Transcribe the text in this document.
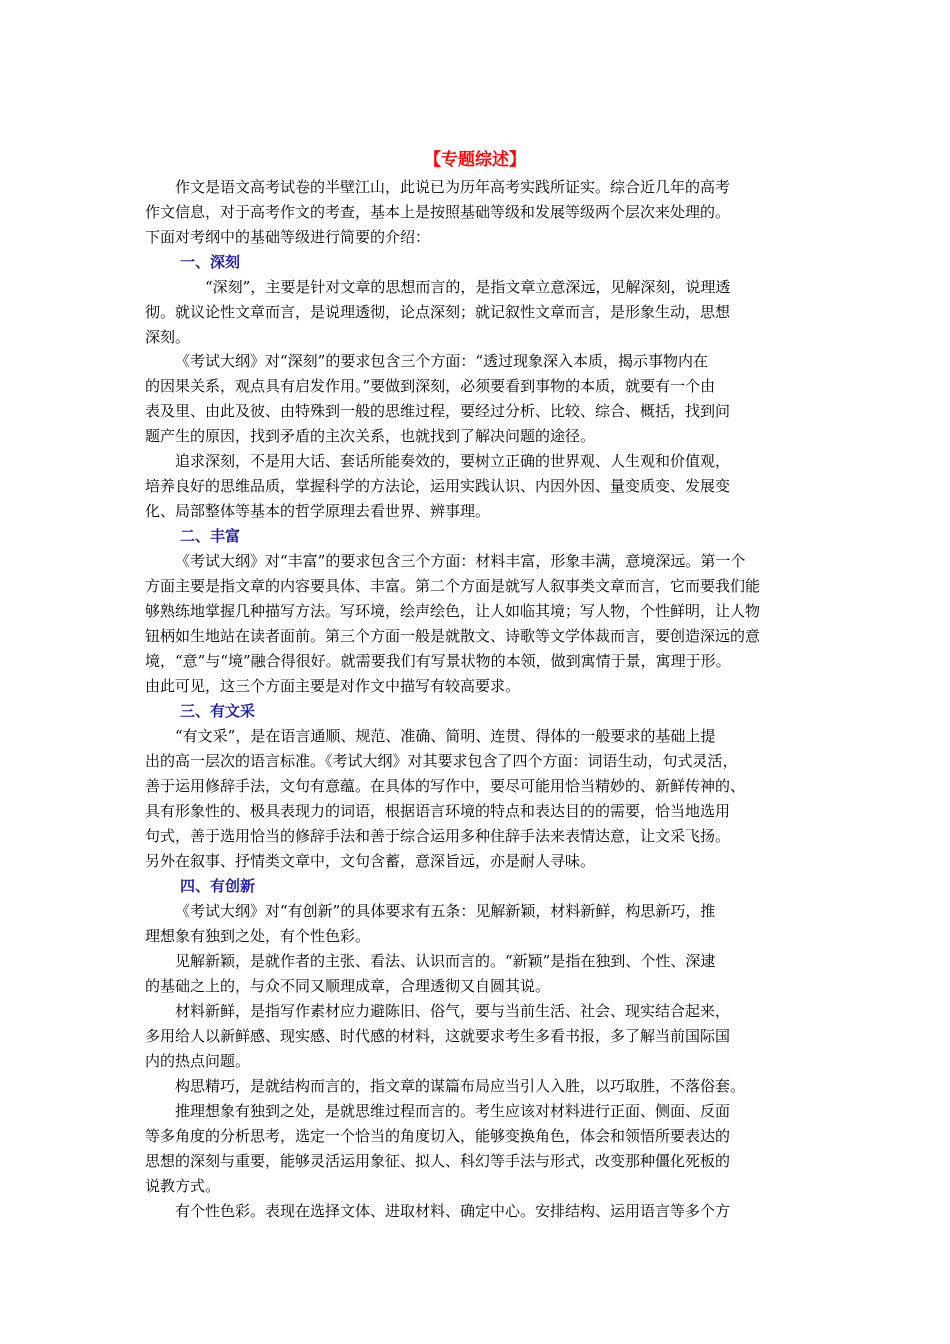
【专题综述】
作文是语文高考试卷的半壁江山，此说已为历年高考实践所证实。综合近几年的高考
作文信息，对于高考作文的考查，基本上是按照基础等级和发展等级两个层次来处理的。
下面对考纲中的基础等级进行简要的介绍：
一、深刻
“深刻”，主要是针对文章的思想而言的，是指文章立意深远，见解深刻，说理透
彻。就议论性文章而言，是说理透彻，论点深刻；就记叙性文章而言，是形象生动，思想
深刻。
《考试大纲》对“深刻”的要求包含三个方面：“透过现象深入本质，揭示事物内在
的因果关系，观点具有启发作用。”要做到深刻，必须要看到事物的本质，就要有一个由
表及里、由此及彼、由特殊到一般的思维过程，要经过分析、比较、综合、概括，找到问
题产生的原因，找到矛盾的主次关系，也就找到了解决问题的途径。
追求深刻，不是用大话、套话所能奏效的，要树立正确的世界观、人生观和价值观，
培养良好的思维品质，掌握科学的方法论，运用实践认识、内因外因、量变质变、发展变
化、局部整体等基本的哲学原理去看世界、辨事理。
二、丰富
《考试大纲》对“丰富”的要求包含三个方面：材料丰富，形象丰满，意境深远。第一个
方面主要是指文章的内容要具体、丰富。第二个方面是就写人叙事类文章而言，它而要我们能
够熟练地掌握几种描写方法。写环境，绘声绘色，让人如临其境；写人物，个性鲜明，让人物
钮柄如生地站在读者面前。第三个方面一般是就散文、诗歌等文学体裁而言，要创造深远的意
境，“意”与“境”融合得很好。就需要我们有写景状物的本领，做到寓情于景，寓理于形。
由此可见，这三个方面主要是对作文中描写有较高要求。
三、有文采
“有文采”，是在语言通顺、规范、准确、简明、连贯、得体的一般要求的基础上提
出的高一层次的语言标准。《考试大纲》对其要求包含了四个方面：词语生动，句式灵活，
善于运用修辞手法，文句有意蕴。在具体的写作中，要尽可能用恰当精妙的、新鲜传神的、
具有形象性的、极具表现力的词语，根据语言环境的特点和表达目的的需要，恰当地选用
句式，善于选用恰当的修辞手法和善于综合运用多种住辞手法来表情达意，让文采飞扬。
另外在叙事、抒情类文章中，文句含蓄，意深旨远，亦是耐人寻味。
四、有创新
《考试大纲》对“有创新”的具体要求有五条：见解新颖，材料新鲜，构思新巧，推
理想象有独到之处，有个性色彩。
见解新颖，是就作者的主张、看法、认识而言的。“新颖”是指在独到、个性、深逮
的基础之上的，与众不同又顺理成章，合理透彻又自圆其说。
材料新鲜，是指写作素材应力避陈旧、俗气，要与当前生活、社会、现实结合起来，
多用给人以新鲜感、现实感、时代感的材料，这就要求考生多看书报，多了解当前国际国
内的热点问题。
构思精巧，是就结构而言的，指文章的谋篇布局应当引人入胜，以巧取胜，不落俗套。
推理想象有独到之处，是就思维过程而言的。考生应该对材料进行正面、侧面、反面
等多角度的分析思考，选定一个恰当的角度切入，能够变换角色，体会和领悟所要表达的
思想的深刻与重要，能够灵活运用象征、拟人、科幻等手法与形式，改变那种僵化死板的
说教方式。
有个性色彩。表现在选择文体、进取材料、确定中心。安排结构、运用语言等多个方
